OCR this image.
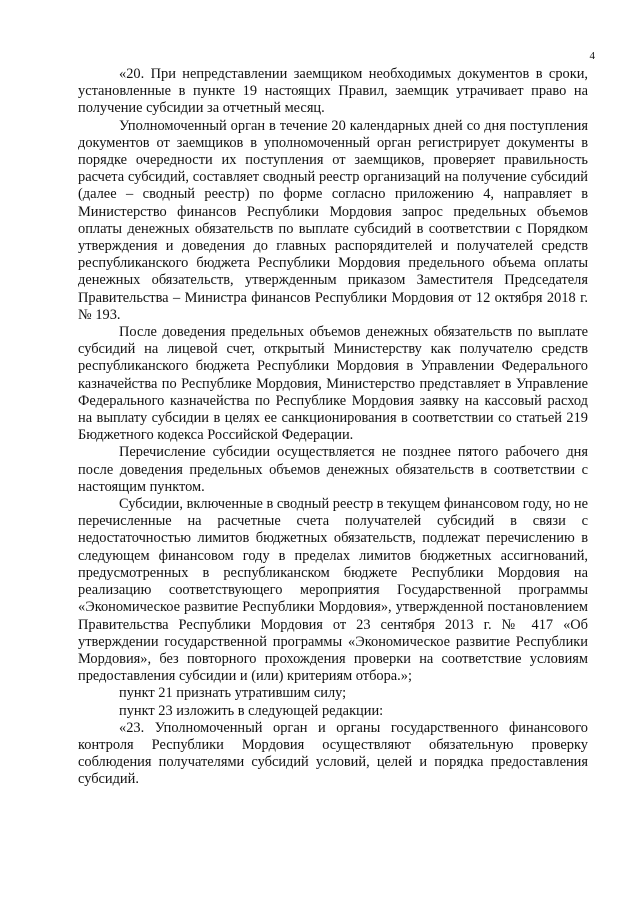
4

«20. При непредставлении заемщиком необходимых документов в сроки, установленные в пункте 19 настоящих Правил, заемщик утрачивает право на получение субсидии за отчетный месяц.

Уполномоченный орган в течение 20 календарных дней со дня поступления документов от заемщиков в уполномоченный орган регистрирует документы в порядке очередности их поступления от заемщиков, проверяет правильность расчета субсидий, составляет сводный реестр организаций на получение субсидий (далее – сводный реестр) по форме согласно приложению 4, направляет в Министерство финансов Республики Мордовия запрос предельных объемов оплаты денежных обязательств по выплате субсидий в соответствии с Порядком утверждения и доведения до главных распорядителей и получателей средств республиканского бюджета Республики Мордовия предельного объема оплаты денежных обязательств, утвержденным приказом Заместителя Председателя Правительства – Министра финансов Республики Мордовия от 12 октября 2018 г. № 193.

После доведения предельных объемов денежных обязательств по выплате субсидий на лицевой счет, открытый Министерству как получателю средств республиканского бюджета Республики Мордовия в Управлении Федерального казначейства по Республике Мордовия, Министерство представляет в Управление Федерального казначейства по Республике Мордовия заявку на кассовый расход на выплату субсидии в целях ее санкционирования в соответствии со статьей 219 Бюджетного кодекса Российской Федерации.

Перечисление субсидии осуществляется не позднее пятого рабочего дня после доведения предельных объемов денежных обязательств в соответствии с настоящим пунктом.

Субсидии, включенные в сводный реестр в текущем финансовом году, но не перечисленные на расчетные счета получателей субсидий в связи с недостаточностью лимитов бюджетных обязательств, подлежат перечислению в следующем финансовом году в пределах лимитов бюджетных ассигнований, предусмотренных в республиканском бюджете Республики Мордовия на реализацию соответствующего мероприятия Государственной программы «Экономическое развитие Республики Мордовия», утвержденной постановлением Правительства Республики Мордовия от 23 сентября 2013 г. № 417 «Об утверждении государственной программы «Экономическое развитие Республики Мордовия», без повторного прохождения проверки на соответствие условиям предоставления субсидии и (или) критериям отбора.»;

пункт 21 признать утратившим силу;

пункт 23 изложить в следующей редакции:

«23. Уполномоченный орган и органы государственного финансового контроля Республики Мордовия осуществляют обязательную проверку соблюдения получателями субсидий условий, целей и порядка предоставления субсидий.
